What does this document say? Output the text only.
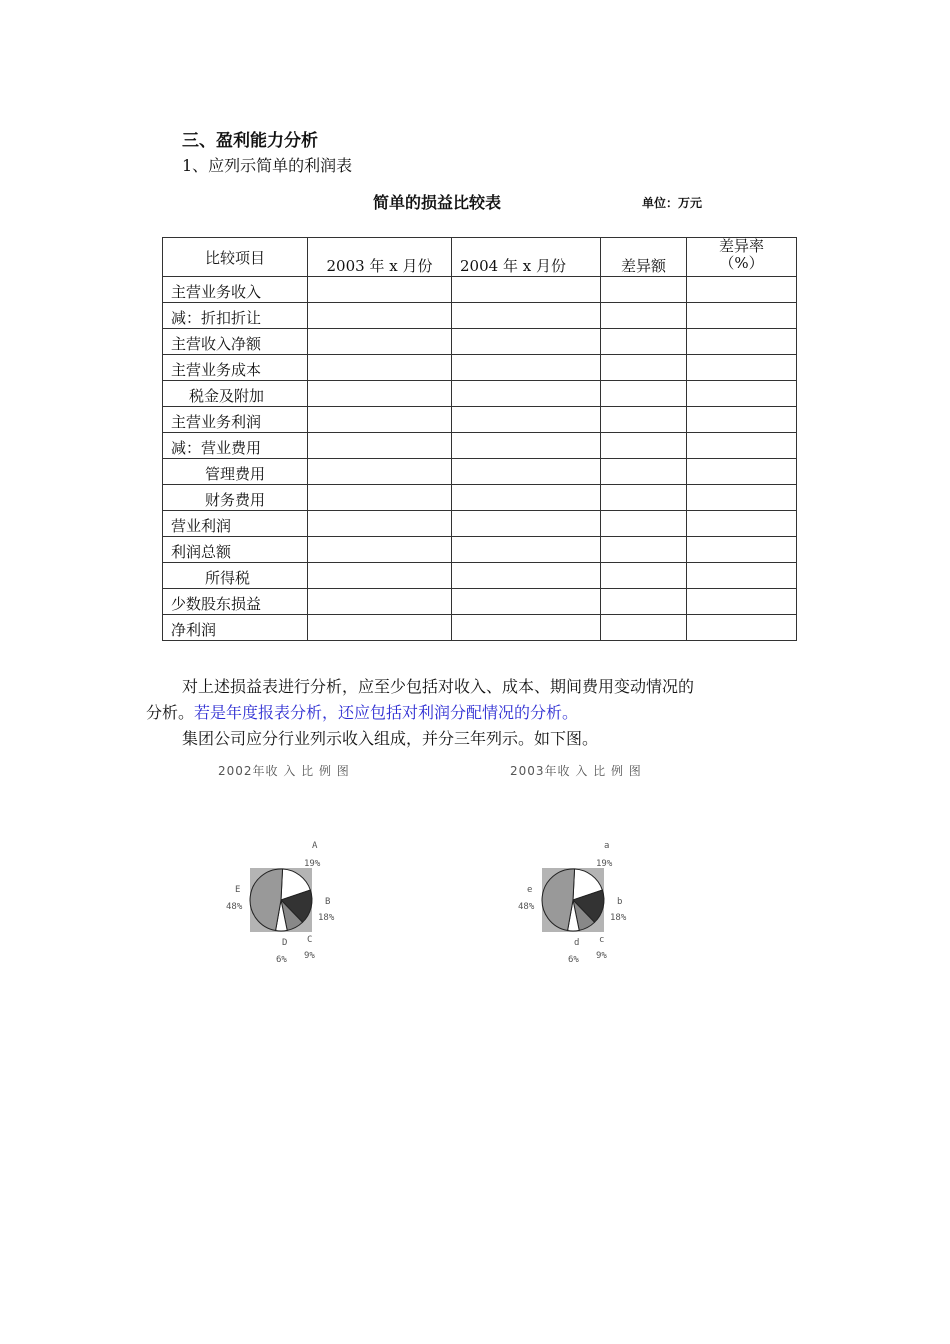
三、盈利能力分析
1、应列示简单的利润表
简单的损益比较表	单位：万元
比较项目	2003 年 x 月份	2004 年 x 月份	差异额	差异率
（%）

主营业务收入				
减：折扣折让				
主营收入净额				
主营业务成本				
税金及附加				
主营业务利润				
减：营业费用				
管理费用				
财务费用				
营业利润				
利润总额				
所得税				
少数股东损益				
净利润				
对上述损益表进行分析，应至少包括对收入、成本、期间费用变动情况的
分析。若是年度报表分析，还应包括对利润分配情况的分析。
集团公司应分行业列示收入组成，并分三年列示。如下图。
2002年收 入 比 例 图
A
19%
B
18%
C
9%
D
6%
E
48%
2003年收 入 比 例 图
a
19%
b
18%
c
9%
d
6%
e
48%
